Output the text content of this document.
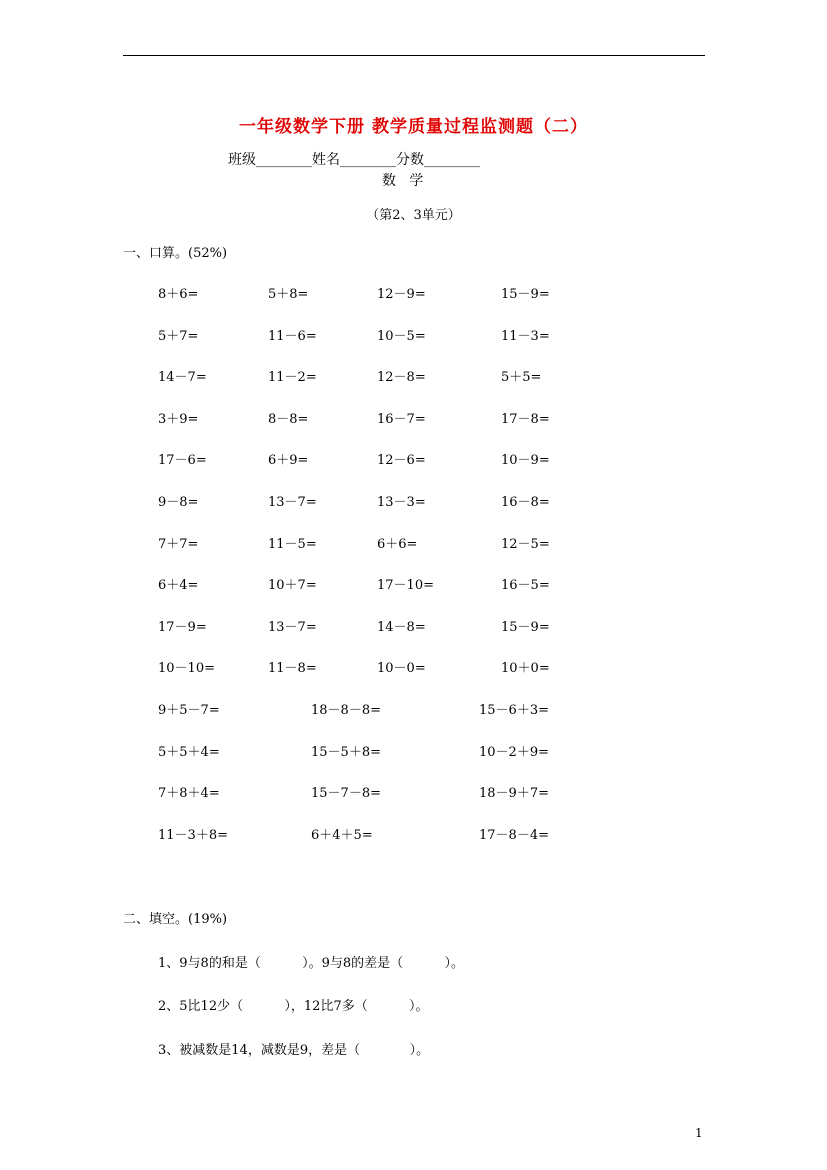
一年级数学下册 教学质量过程监测题（二）
班级________姓名________分数________
数   学
（第2、3单元）
一、口算。(52%)
8＋6=	5＋8=	12－9=	15－9=
5＋7=	11－6=	10－5=	11－3=
14－7=	11－2=	12－8=	5＋5=
3＋9=	8－8=	16－7=	17－8=
17－6=	6＋9=	12－6=	10－9=
9－8=	13－7=	13－3=	16－8=
7＋7=	11－5=	6＋6=	12－5=
6＋4=	10＋7=	17－10=	16－5=
17－9=	13－7=	14－8=	15－9=
10－10=	11－8=	10－0=	10＋0=
9＋5－7=	18－8－8=	15－6＋3=
5＋5＋4=	15－5＋8=	10－2＋9=
7＋8＋4=	15－7－8=	18－9＋7=
11－3＋8=	6＋4＋5=	17－8－4=
二、填空。(19%)
1、9与8的和是（          ）。9与8的差是（          ）。
2、5比12少（          ），12比7多（          ）。
3、被减数是14，减数是9，差是（            ）。
1
